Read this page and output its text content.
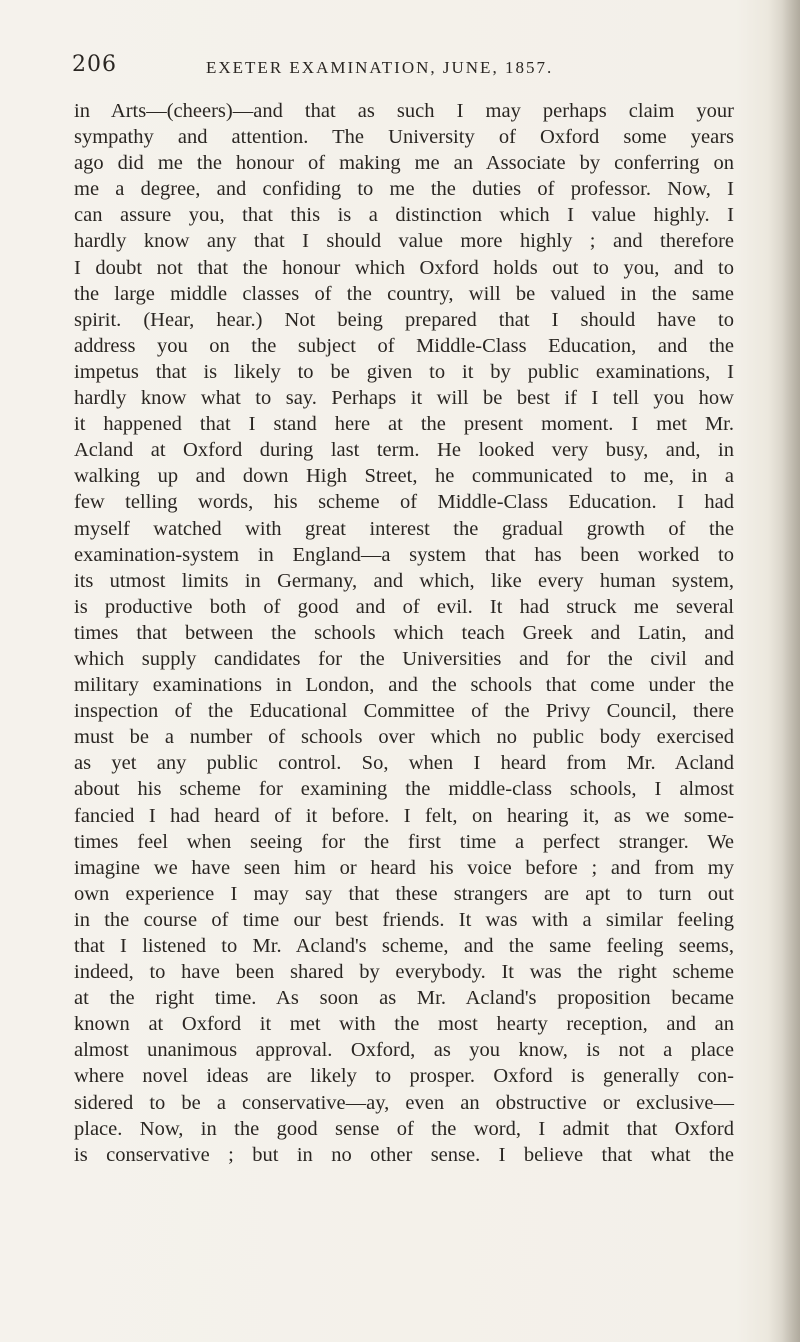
206	EXETER EXAMINATION, JUNE, 1857.
in Arts—(cheers)—and that as such I may perhaps claim your
sympathy and attention. The University of Oxford some years
ago did me the honour of making me an Associate by conferring on
me a degree, and confiding to me the duties of professor. Now, I
can assure you, that this is a distinction which I value highly. I
hardly know any that I should value more highly ; and therefore
I doubt not that the honour which Oxford holds out to you, and to
the large middle classes of the country, will be valued in the same
spirit. (Hear, hear.) Not being prepared that I should have to
address you on the subject of Middle-Class Education, and the
impetus that is likely to be given to it by public examinations, I
hardly know what to say. Perhaps it will be best if I tell you how
it happened that I stand here at the present moment. I met Mr.
Acland at Oxford during last term. He looked very busy, and, in
walking up and down High Street, he communicated to me, in a
few telling words, his scheme of Middle-Class Education. I had
myself watched with great interest the gradual growth of the
examination-system in England—a system that has been worked to
its utmost limits in Germany, and which, like every human system,
is productive both of good and of evil. It had struck me several
times that between the schools which teach Greek and Latin, and
which supply candidates for the Universities and for the civil and
military examinations in London, and the schools that come under the
inspection of the Educational Committee of the Privy Council, there
must be a number of schools over which no public body exercised
as yet any public control. So, when I heard from Mr. Acland
about his scheme for examining the middle-class schools, I almost
fancied I had heard of it before. I felt, on hearing it, as we some-
times feel when seeing for the first time a perfect stranger. We
imagine we have seen him or heard his voice before ; and from my
own experience I may say that these strangers are apt to turn out
in the course of time our best friends. It was with a similar feeling
that I listened to Mr. Acland's scheme, and the same feeling seems,
indeed, to have been shared by everybody. It was the right scheme
at the right time. As soon as Mr. Acland's proposition became
known at Oxford it met with the most hearty reception, and an
almost unanimous approval. Oxford, as you know, is not a place
where novel ideas are likely to prosper. Oxford is generally con-
sidered to be a conservative—ay, even an obstructive or exclusive—
place. Now, in the good sense of the word, I admit that Oxford
is conservative ; but in no other sense. I believe that what the
